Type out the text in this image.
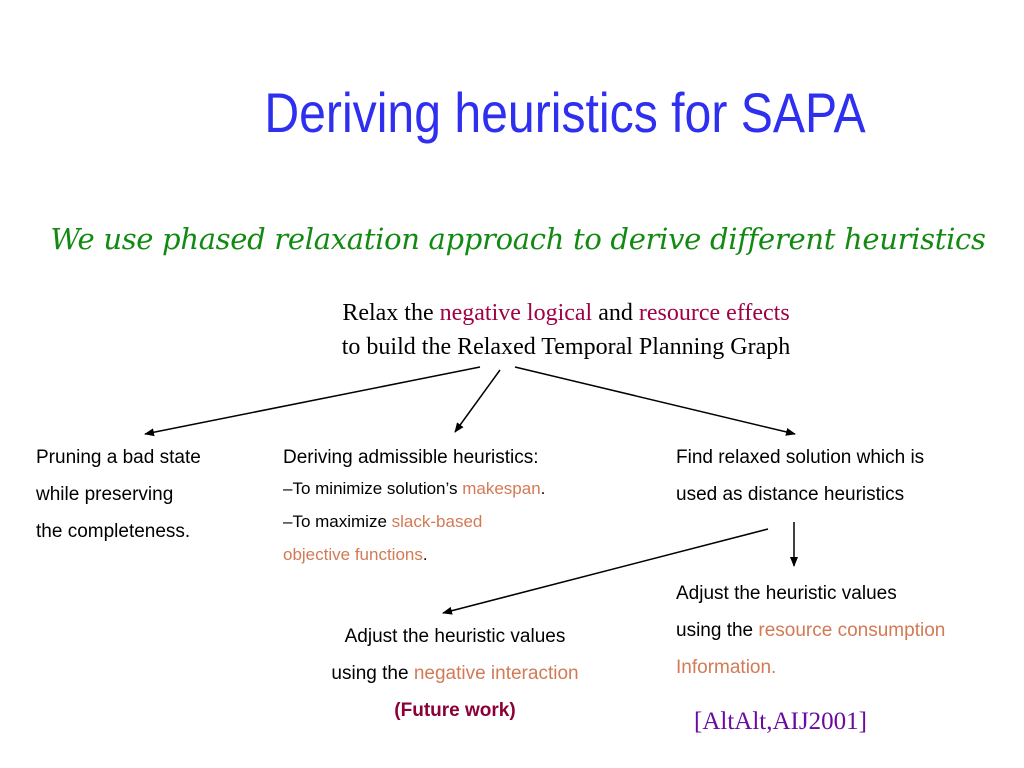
Deriving heuristics for SAPA
We use phased relaxation approach to derive different heuristics
Relax the negative logical and resource effects
to build the Relaxed Temporal Planning Graph
Pruning a bad state
while preserving
the completeness.
Deriving admissible heuristics:
–To minimize solution’s makespan.
–To maximize slack-based
objective functions.
Find relaxed solution which is
used as distance heuristics
Adjust the heuristic values
using the resource consumption
Information.
Adjust the heuristic values
using the negative interaction
(Future work)	[AltAlt,AIJ2001]
